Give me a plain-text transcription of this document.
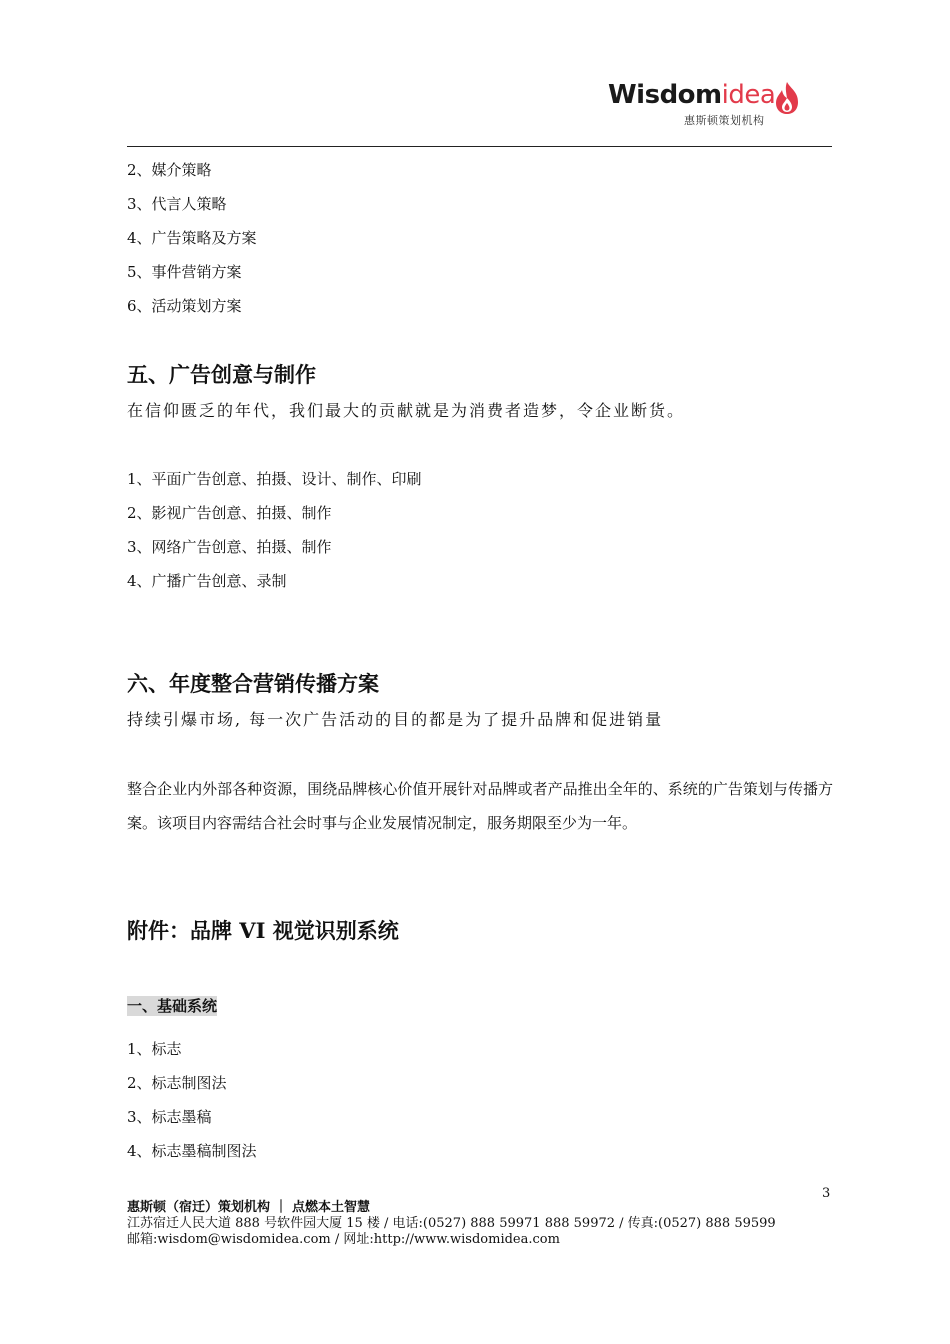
Wisdomidea
惠斯顿策划机构
2、媒介策略
3、代言人策略
4、广告策略及方案
5、事件营销方案
6、活动策划方案
五、广告创意与制作
在信仰匮乏的年代，我们最大的贡献就是为消费者造梦，令企业断货。
1、平面广告创意、拍摄、设计、制作、印刷
2、影视广告创意、拍摄、制作
3、网络广告创意、拍摄、制作
4、广播广告创意、录制
六、年度整合营销传播方案
持续引爆市场, 每一次广告活动的目的都是为了提升品牌和促进销量
整合企业内外部各种资源，围绕品牌核心价值开展针对品牌或者产品推出全年的、系统的广告策划与传播方案。该项目内容需结合社会时事与企业发展情况制定，服务期限至少为一年。
附件：品牌 VI 视觉识别系统
一、基础系统
1、标志
2、标志制图法
3、标志墨稿
4、标志墨稿制图法
3
惠斯顿（宿迁）策划机构 ｜ 点燃本土智慧
江苏宿迁人民大道 888 号软件园大厦 15 楼 / 电话:(0527) 888 59971 888 59972 / 传真:(0527) 888 59599
邮箱:wisdom@wisdomidea.com / 网址:http://www.wisdomidea.com
